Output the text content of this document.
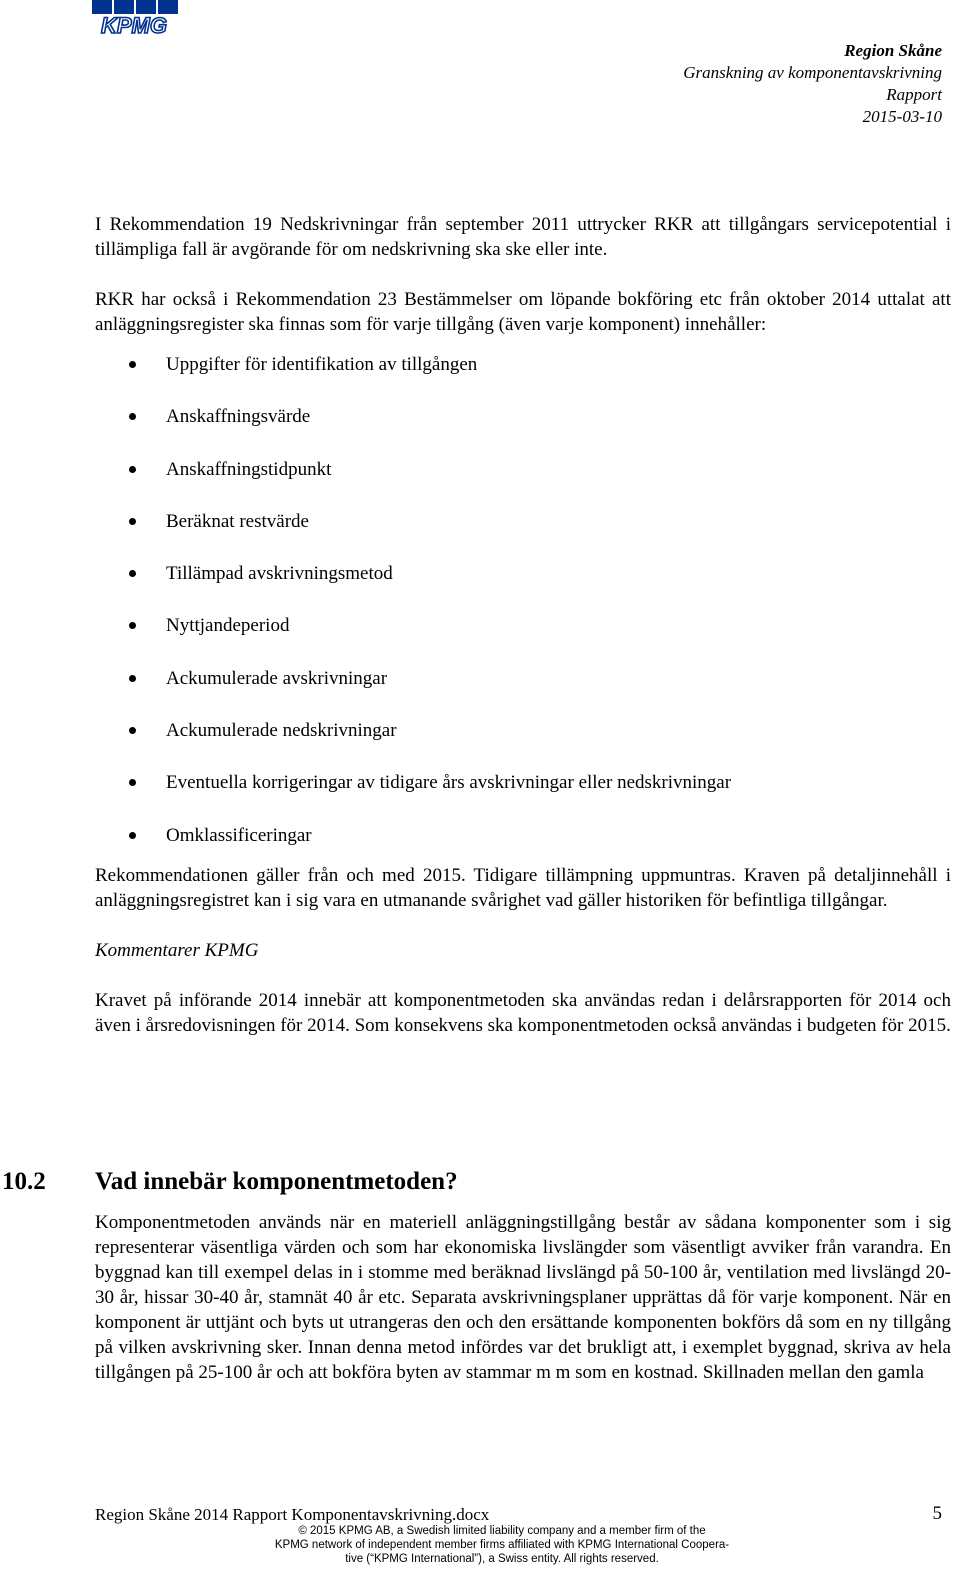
KPMG
Region Skåne
Granskning av komponentavskrivning
Rapport
2015-03-10

I Rekommendation 19 Nedskrivningar från september 2011 uttrycker RKR att tillgångars servicepotential i tillämpliga fall är avgörande för om nedskrivning ska ske eller inte.

RKR har också i Rekommendation 23 Bestämmelser om löpande bokföring etc från oktober 2014 uttalat att anläggningsregister ska finnas som för varje tillgång (även varje komponent) innehåller:

Uppgifter för identifikation av tillgången
Anskaffningsvärde
Anskaffningstidpunkt
Beräknat restvärde
Tillämpad avskrivningsmetod
Nyttjandeperiod
Ackumulerade avskrivningar
Ackumulerade nedskrivningar
Eventuella korrigeringar av tidigare års avskrivningar eller nedskrivningar
Omklassificeringar

Rekommendationen gäller från och med 2015. Tidigare tillämpning uppmuntras. Kraven på detaljinnehåll i anläggningsregistret kan i sig vara en utmanande svårighet vad gäller historiken för befintliga tillgångar.

Kommentarer KPMG

Kravet på införande 2014 innebär att komponentmetoden ska användas redan i delårsrapporten för 2014 och även i årsredovisningen för 2014. Som konsekvens ska komponentmetoden också användas i budgeten för 2015.

10.2 Vad innebär komponentmetoden?
Komponentmetoden används när en materiell anläggningstillgång består av sådana komponenter som i sig representerar väsentliga värden och som har ekonomiska livslängder som väsentligt avviker från varandra. En byggnad kan till exempel delas in i stomme med beräknad livslängd på 50-100 år, ventilation med livslängd 20-30 år, hissar 30-40 år, stamnät 40 år etc. Separata avskrivningsplaner upprättas då för varje komponent. När en komponent är uttjänt och byts ut utrangeras den och den ersättande komponenten bokförs då som en ny tillgång på vilken avskrivning sker. Innan denna metod infördes var det brukligt att, i exemplet byggnad, skriva av hela tillgången på 25-100 år och att bokföra byten av stammar m m som en kostnad. Skillnaden mellan den gamla
Region Skåne 2014 Rapport Komponentavskrivning.docx	5
© 2015 KPMG AB, a Swedish limited liability company and a member firm of the
KPMG network of independent member firms affiliated with KPMG International Coopera-
tive (“KPMG International”), a Swiss entity. All rights reserved.
